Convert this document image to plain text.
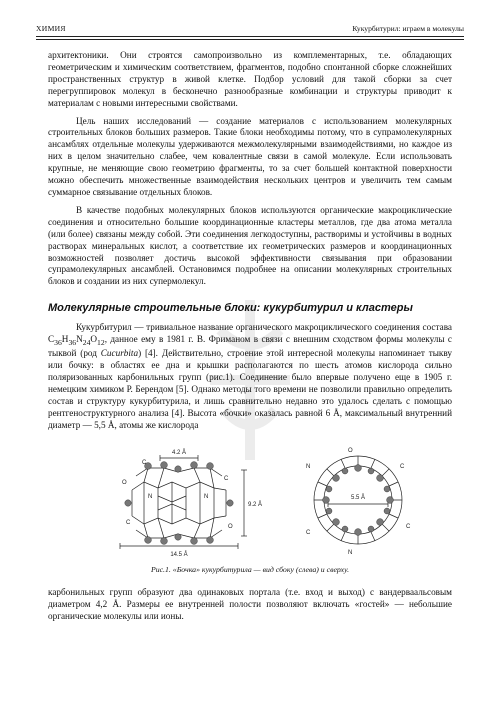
ХИМИЯ	Кукурбитурил: играем в молекулы

архитектоники. Они строятся самопроизвольно из комплементарных, т.е. обладающих геометрическим и химическим соответствием, фрагментов, подобно спонтанной сборке сложнейших пространственных структур в живой клетке. Подбор условий для такой сборки за счет перегруппировок молекул в бесконечно разнообразные комбинации и структуры приводит к материалам с новыми интересными свойствами.

Цель наших исследований — создание материалов с использованием молекулярных строительных блоков больших размеров. Такие блоки необходимы потому, что в супрамолекулярных ансамблях отдельные молекулы удерживаются межмолекулярными взаимодействиями, но каждое из них в целом значительно слабее, чем ковалентные связи в самой молекуле. Если использовать крупные, не меняющие свою геометрию фрагменты, то за счет большей контактной поверхности можно обеспечить множественные взаимодействия нескольких центров и увеличить тем самым суммарное связывание отдельных блоков.

В качестве подобных молекулярных блоков используются органические макроциклические соединения и относительно большие координационные кластеры металлов, где два атома металла (или более) связаны между собой. Эти соединения легкодоступны, растворимы и устойчивы в водных растворах минеральных кислот, а соответствие их геометрических размеров и координационных возможностей позволяет достичь высокой эффективности связывания при образовании супрамолекулярных ансамблей. Остановимся подробнее на описании молекулярных строительных блоков и создании из них супермолекул.

Молекулярные строительные блоки: кукурбитурил и кластеры

Кукурбитурил — тривиальное название органического макроциклического соединения состава $C_{36}H_{36}N_{24}O_{12}$, данное ему в 1981 г. В. Фриманом в связи с внешним сходством формы молекулы с тыквой (род Cucurbita) [4]. Действительно, строение этой интересной молекулы напоминает тыкву или бочку: в областях ее дна и крышки располагаются по шесть атомов кислорода сильно поляризованных карбонильных групп (рис.1). Соединение было впервые получено еще в 1905 г. немецким химиком Р. Берендом [5]. Однако методы того времени не позволили правильно определить состав и структуру кукурбитурила, и лишь сравнительно недавно это удалось сделать с помощью рентгеноструктурного анализа [4]. Высота «бочки» оказалась равной 6 Å, максимальный внутренний диаметр — 5,5 Å, атомы же кислорода

4.2 Å
14.5 Å
9.2 Å
C
O
C
N	N
C
O
5.5 Å
O
C
C
N
C
N
Рис.1. «Бочка» кукурбитурила — вид сбоку (слева) и сверху.

карбонильных групп образуют два одинаковых портала (т.е. вход и выход) с вандерваальсовым диаметром 4,2 Å. Размеры ее внутренней полости позволяют включать «гостей» — небольшие органические молекулы или ионы.
